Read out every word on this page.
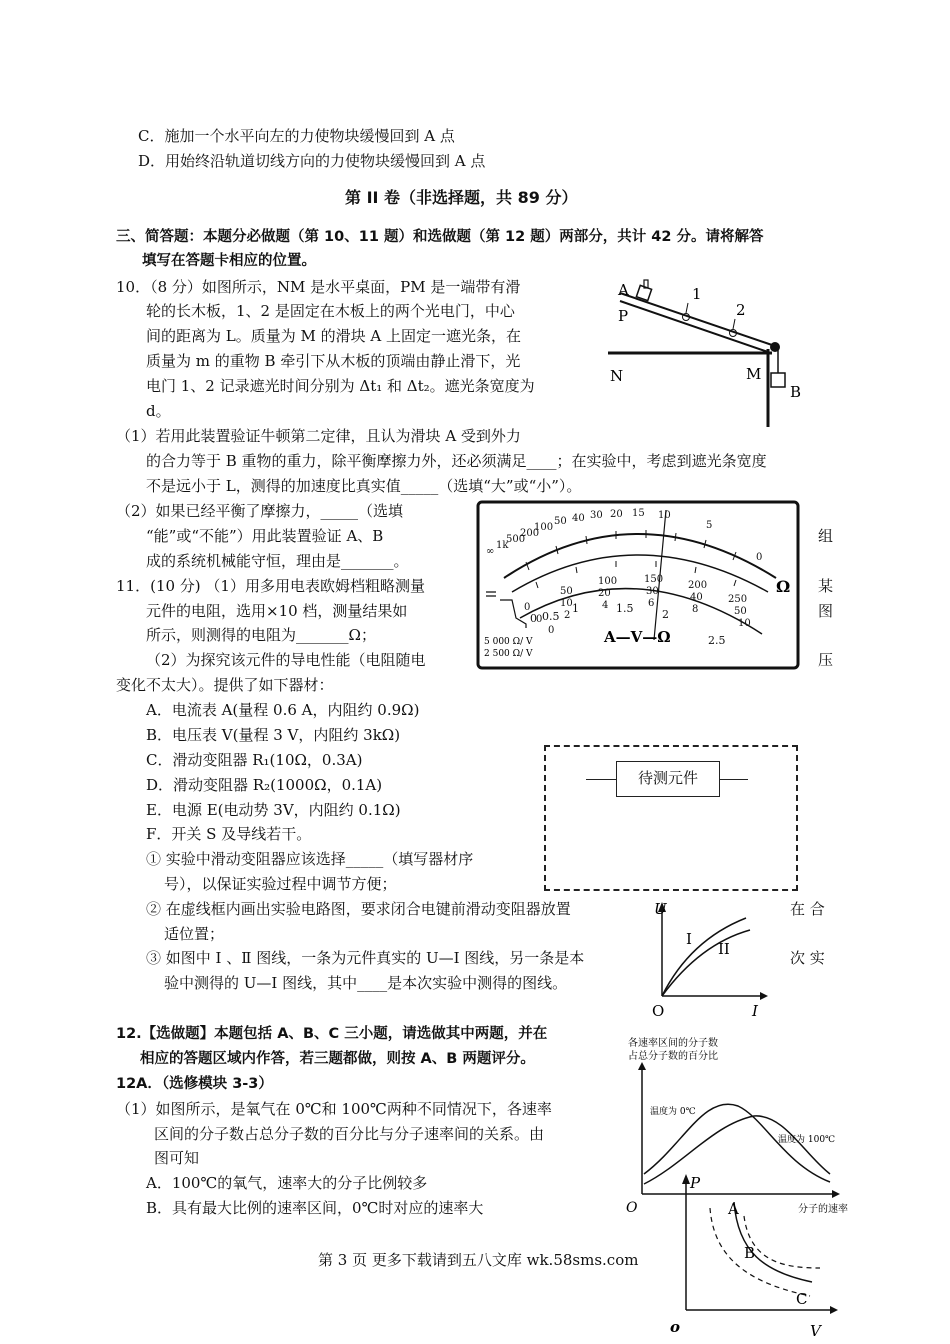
C．施加一个水平向左的力使物块缓慢回到 A 点
D．用始终沿轨道切线方向的力使物块缓慢回到 A 点
第 II 卷（非选择题，共 89 分）
三、简答题：本题分必做题（第 10、11 题）和选做题（第 12 题）两部分，共计 42 分。请将解答
填写在答题卡相应的位置。
10．（8 分）如图所示，NM 是水平桌面，PM 是一端带有滑
轮的长木板，1、2 是固定在木板上的两个光电门，中心
间的距离为 L。质量为 M 的滑块 A 上固定一遮光条，在
质量为 m 的重物 B 牵引下从木板的顶端由静止滑下，光
电门 1、2 记录遮光时间分别为 Δt₁ 和 Δt₂。遮光条宽度为
d。
A	1
2
P
N	M
B
（1）若用此装置验证牛顿第二定律，且认为滑块 A 受到外力
的合力等于 B 重物的重力，除平衡摩擦力外，还必须满足____；在实验中，考虑到遮光条宽度
不是远小于 L，测得的加速度比真实值_____（选填“大”或“小”）。
（2）如果已经平衡了摩擦力，_____（选填
组
“能”或“不能”）用此装置验证 A、B
成的系统机械能守恒，理由是_______。
∞
1k
500
200
100
50 40 30 20 15 10
5
0
0
50
100	150
200
250
0
10
20	30
40
50
0
2
4	6
8
10
0 0.5
1	1.5	2
2.5
Ω
A—V—Ω
5 000 Ω/ V
2 500 Ω/ V
11．(10 分) （1）用多用电表欧姆档粗略测量	某
元件的电阻，选用×10 档，测量结果如	图
所示，则测得的电阻为_______Ω；
（2）为探究该元件的导电性能（电阻随电	压
变化不太大）。提供了如下器材：
A．电流表 A(量程 0.6 A，内阻约 0.9Ω)
B．电压表 V(量程 3 V，内阻约 3kΩ)
C．滑动变阻器 R₁(10Ω，0.3A)
D．滑动变阻器 R₂(1000Ω，0.1A)
E．电源 E(电动势 3V，内阻约 0.1Ω)
F．开关 S 及导线若干。
待测元件
① 实验中滑动变阻器应该选择_____（填写器材序
号），以保证实验过程中调节方便；
② 在虚线框内画出实验电路图，要求闭合电键前滑动变阻器放置	在 合
适位置；
③ 如图中 Ⅰ 、Ⅱ 图线，一条为元件真实的 U—I 图线，另一条是本	次 实
验中测得的 U—I 图线，其中____是本次实验中测得的图线。
U
I
O
I
II
12.【选做题】本题包括 A、B、C 三小题，请选做其中两题，并在
相应的答题区域内作答，若三题都做，则按 A、B 两题评分。
12A．（选修模块 3-3）
（1）如图所示，是氧气在 0℃和 100℃两种不同情况下，各速率
区间的分子数占总分子数的百分比与分子速率间的关系。由
图可知
A．100℃的氧气，速率大的分子比例较多
B．具有最大比例的速率区间，0℃时对应的速率大
各速率区间的分子数
占总分子数的百分比
温度为 0℃
温度为 100℃
O	分子的速率
P
V
o
A
B
C
第 3 页 更多下载请到五八文库 wk.58sms.com
